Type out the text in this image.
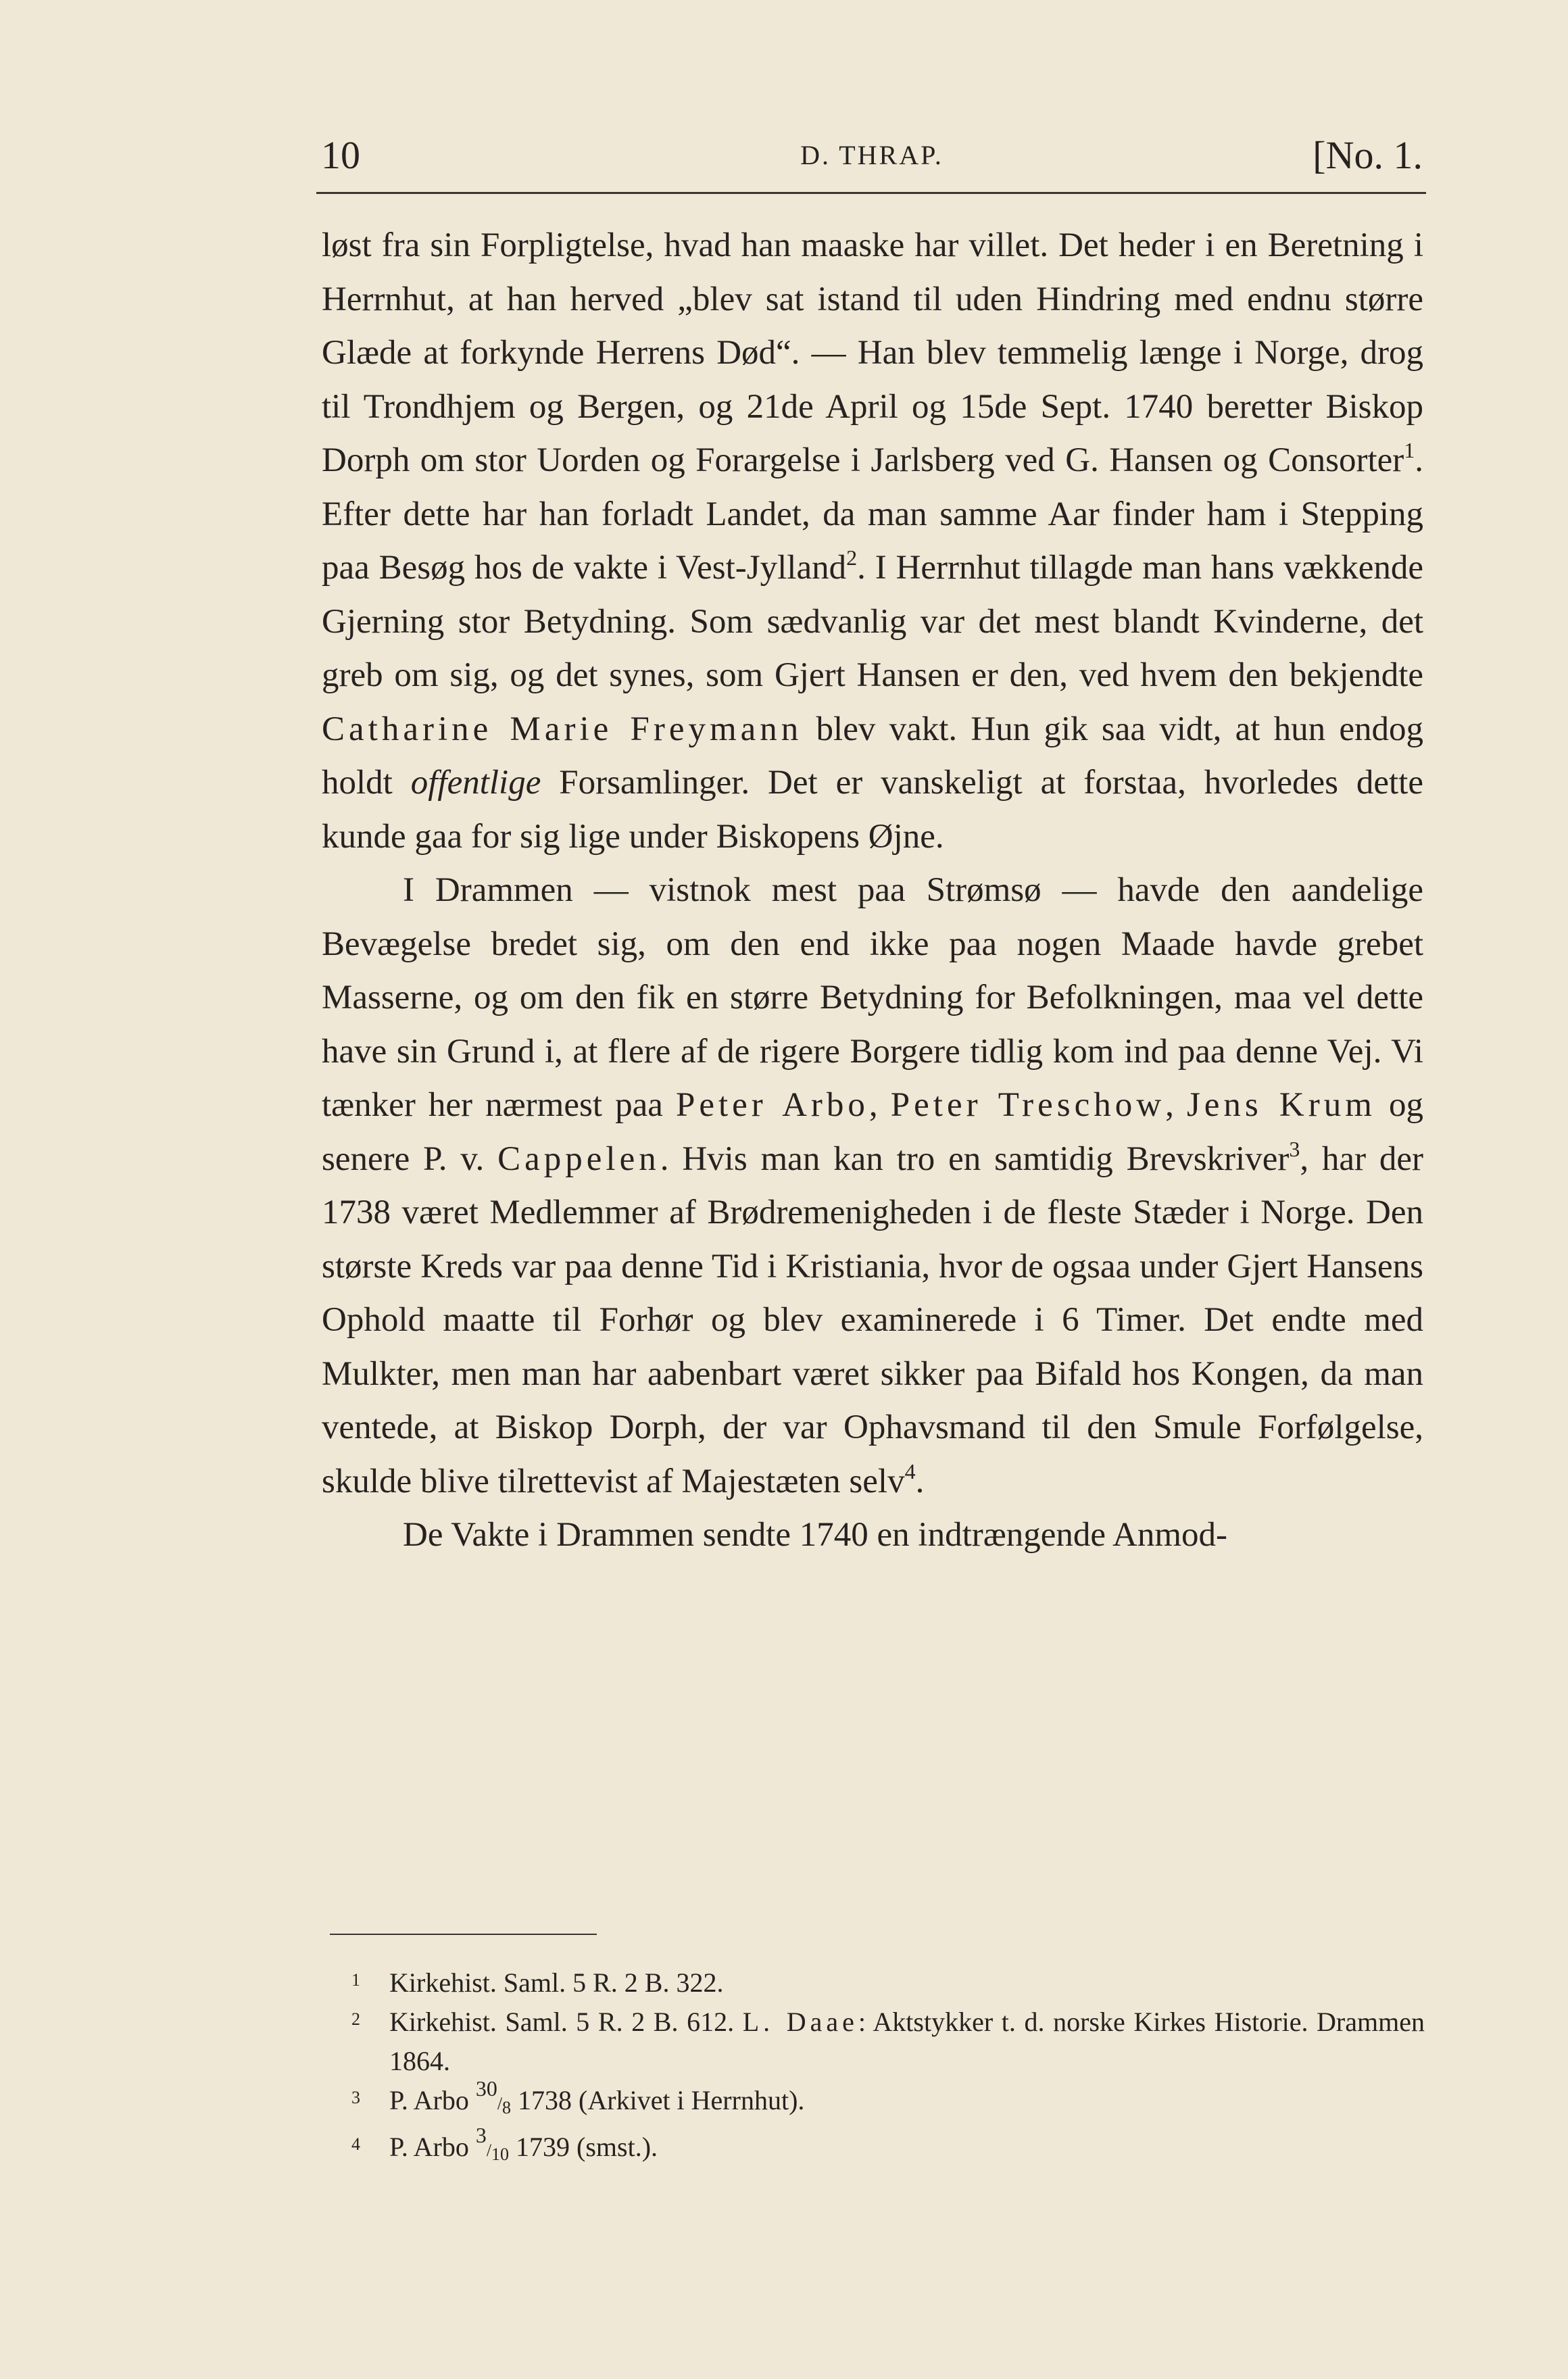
10	D. THRAP.	[No. 1.

løst fra sin Forpligtelse, hvad han maaske har villet. Det heder i en Beretning i Herrnhut, at han herved „blev sat istand til uden Hindring med endnu større Glæde at forkynde Herrens Død“. — Han blev temmelig længe i Norge, drog til Trondhjem og Bergen, og 21de April og 15de Sept. 1740 beretter Biskop Dorph om stor Uorden og Forargelse i Jarlsberg ved G. Hansen og Consorter$^1$. Efter dette har han forladt Landet, da man samme Aar finder ham i Stepping paa Besøg hos de vakte i Vest-Jylland$^2$. I Herrnhut tillagde man hans vækkende Gjerning stor Betydning. Som sædvanlig var det mest blandt Kvinderne, det greb om sig, og det synes, som Gjert Hansen er den, ved hvem den bekjendte Catharine Marie Freymann blev vakt. Hun gik saa vidt, at hun endog holdt offentlige Forsamlinger. Det er vanskeligt at forstaa, hvorledes dette kunde gaa for sig lige under Biskopens Øjne.

I Drammen — vistnok mest paa Strømsø — havde den aandelige Bevægelse bredet sig, om den end ikke paa nogen Maade havde grebet Masserne, og om den fik en større Betydning for Befolkningen, maa vel dette have sin Grund i, at flere af de rigere Borgere tidlig kom ind paa denne Vej. Vi tænker her nærmest paa Peter Arbo, Peter Treschow, Jens Krum og senere P. v. Cappelen. Hvis man kan tro en samtidig Brevskriver$^3$, har der 1738 været Medlemmer af Brødremenigheden i de fleste Stæder i Norge. Den største Kreds var paa denne Tid i Kristiania, hvor de ogsaa under Gjert Hansens Ophold maatte til Forhør og blev examinerede i 6 Timer. Det endte med Mulkter, men man har aabenbart været sikker paa Bifald hos Kongen, da man ventede, at Biskop Dorph, der var Ophavsmand til den Smule Forfølgelse, skulde blive tilrettevist af Majestæten selv$^4$.

De Vakte i Drammen sendte 1740 en indtrængende Anmod-

1 Kirkehist. Saml. 5 R. 2 B. 322.
2 Kirkehist. Saml. 5 R. 2 B. 612. L. Daae: Aktstykker t. d. norske Kirkes Historie. Drammen 1864.
3 P. Arbo $^{30}/_8$ 1738 (Arkivet i Herrnhut).
4 P. Arbo $^3/_{10}$ 1739 (smst.).
